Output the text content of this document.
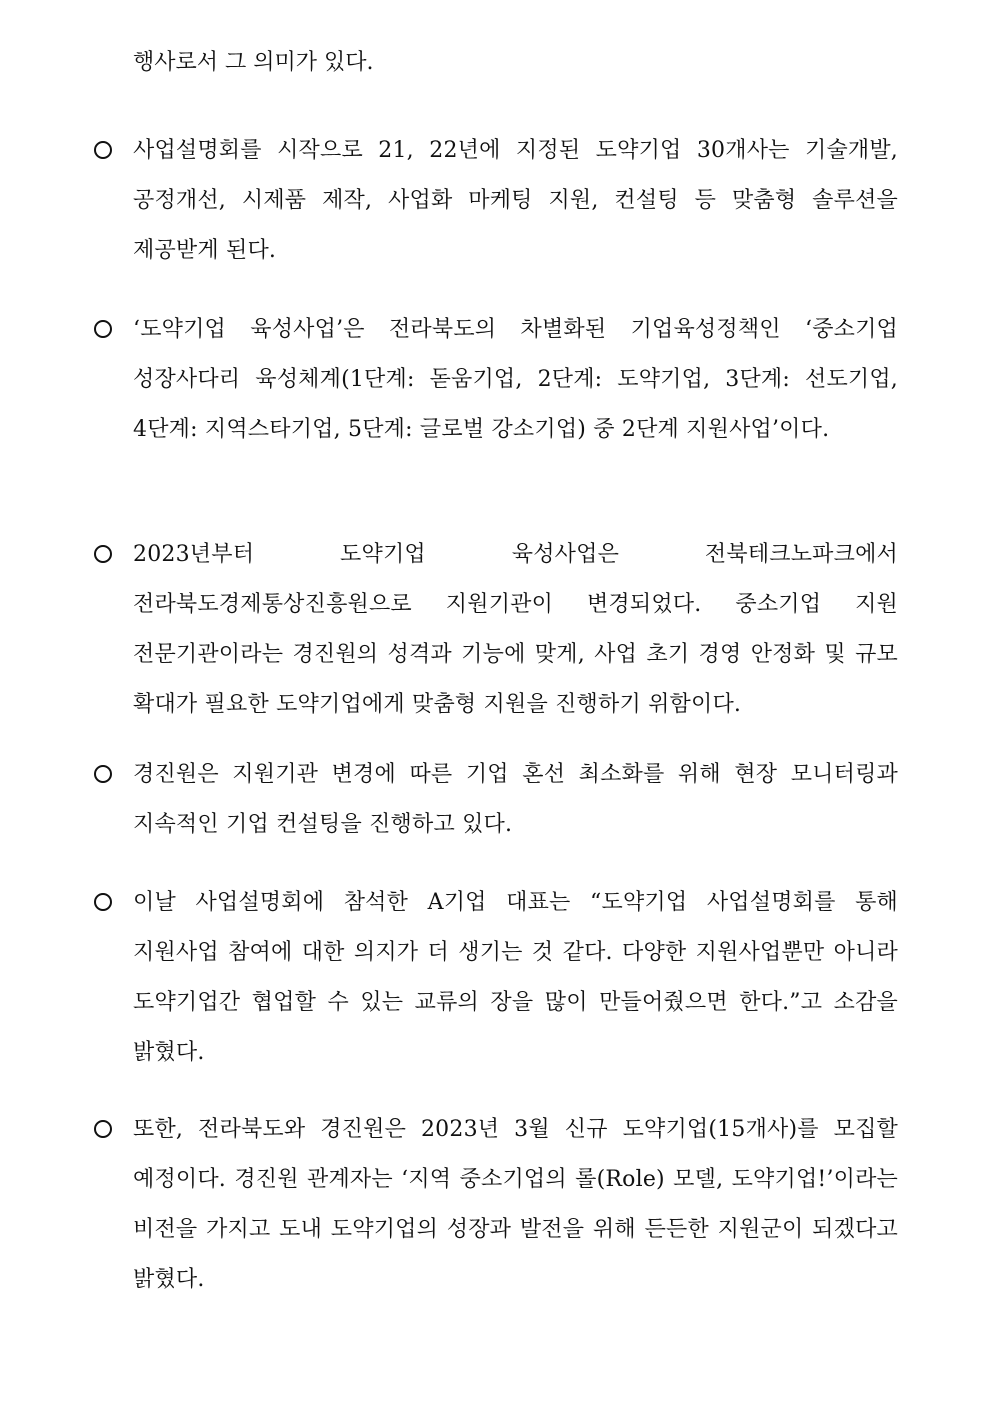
행사로서 그 의미가 있다.
사업설명회를 시작으로 21, 22년에 지정된 도약기업 30개사는 기술개발, 공정개선, 시제품 제작, 사업화 마케팅 지원, 컨설팅 등 맞춤형 솔루션을 제공받게 된다.
‘도약기업 육성사업’은 전라북도의 차별화된 기업육성정책인 ‘중소기업 성장사다리 육성체계(1단계: 돋움기업, 2단계: 도약기업, 3단계: 선도기업, 4단계: 지역스타기업, 5단계: 글로벌 강소기업) 중 2단계 지원사업’이다.
2023년부터 도약기업 육성사업은 전북테크노파크에서 전라북도경제통상진흥원으로 지원기관이 변경되었다. 중소기업 지원 전문기관이라는 경진원의 성격과 기능에 맞게, 사업 초기 경영 안정화 및 규모 확대가 필요한 도약기업에게 맞춤형 지원을 진행하기 위함이다.
경진원은 지원기관 변경에 따른 기업 혼선 최소화를 위해 현장 모니터링과 지속적인 기업 컨설팅을 진행하고 있다.
이날 사업설명회에 참석한 A기업 대표는 “도약기업 사업설명회를 통해 지원사업 참여에 대한 의지가 더 생기는 것 같다. 다양한 지원사업뿐만 아니라 도약기업간 협업할 수 있는 교류의 장을 많이 만들어줬으면 한다.”고 소감을 밝혔다.
또한, 전라북도와 경진원은 2023년 3월 신규 도약기업(15개사)를 모집할 예정이다. 경진원 관계자는 ‘지역 중소기업의 롤(Role) 모델, 도약기업!’이라는 비전을 가지고 도내 도약기업의 성장과 발전을 위해 든든한 지원군이 되겠다고 밝혔다.
